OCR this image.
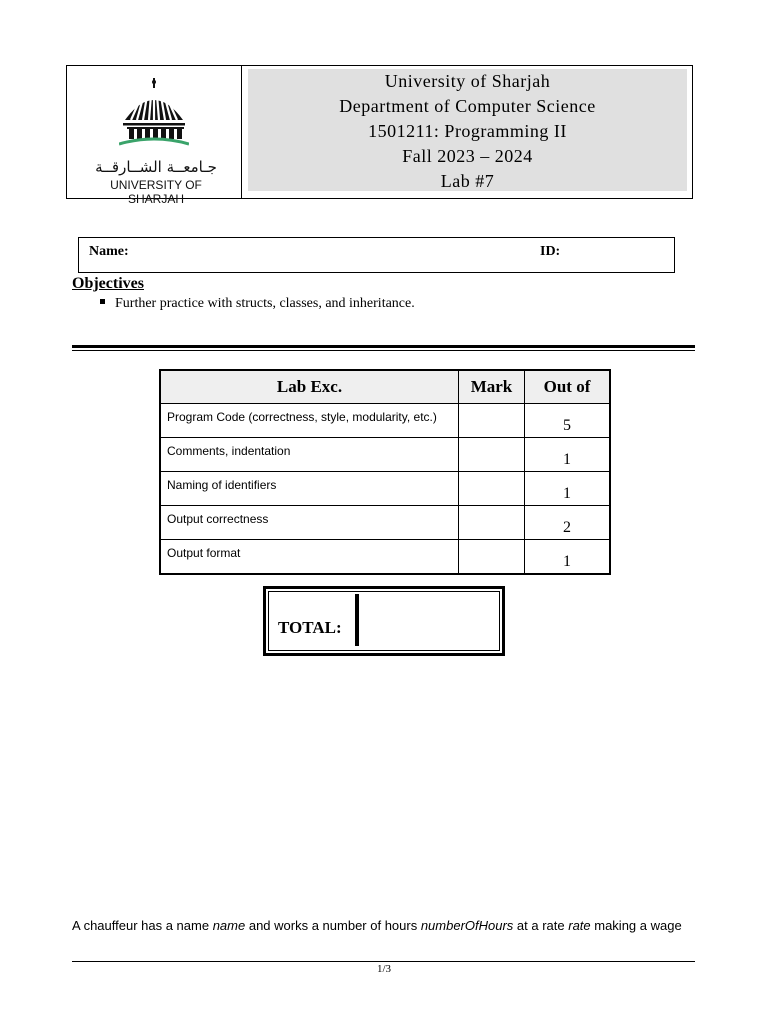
جـامعــة الشــارقــة
UNIVERSITY OF SHARJAH
University of Sharjah
Department of Computer Science
1501211: Programming II
Fall 2023 – 2024
Lab #7
Name:	ID:
Objectives
Further practice with structs, classes, and inheritance.
Lab Exc.	Mark	Out of
Program Code (correctness, style, modularity, etc.)		5
Comments, indentation		1
Naming of identifiers		1
Output correctness		2
Output format		1
TOTAL:
A chauffeur has a name name and works a number of hours numberOfHours at a rate rate making a wage
1/3
